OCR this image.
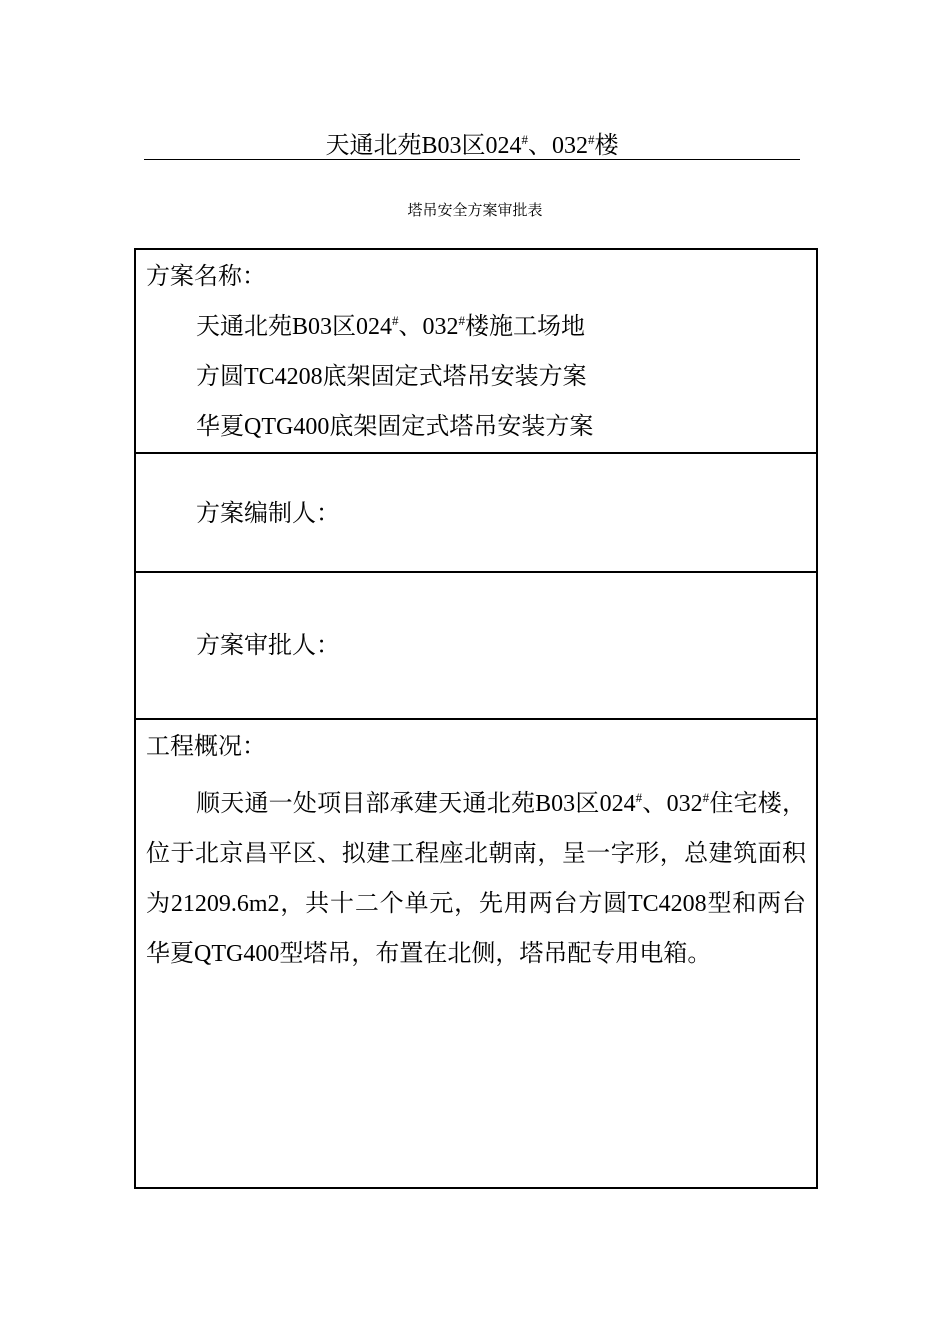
天通北苑B03区024#、032#楼
塔吊安全方案审批表
方案名称：
天通北苑B03区024#、032#楼施工场地
方圆TC4208底架固定式塔吊安装方案
华夏QTG400底架固定式塔吊安装方案
方案编制人：
方案审批人：
工程概况：

顺天通一处项目部承建天通北苑B03区024#、032#住宅楼，位于北京昌平区、拟建工程座北朝南，呈一字形，总建筑面积为21209.6m2，共十二个单元，先用两台方圆TC4208型和两台华夏QTG400型塔吊，布置在北侧，塔吊配专用电箱。
